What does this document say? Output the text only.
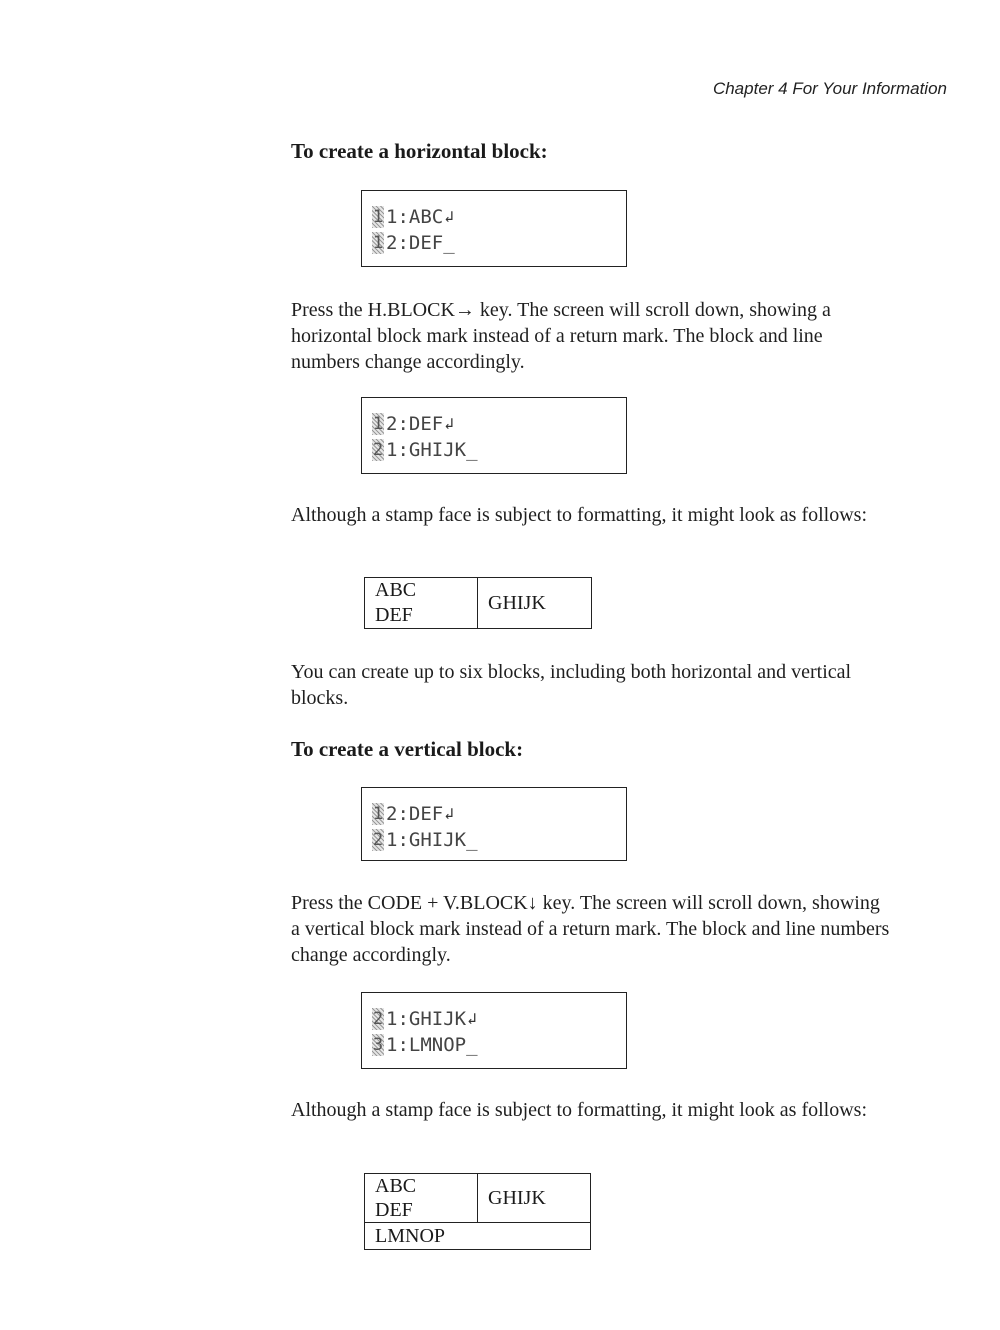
Chapter 4 For Your Information
To create a horizontal block:
1 1:ABC ↲
1 2:DEF_
Press the H.BLOCK→ key. The screen will scroll down, showing a horizontal block mark instead of a return mark. The block and line numbers change accordingly.
1 2:DEF ↲
2 1:GHIJK_
Although a stamp face is subject to formatting, it might look as follows:
ABC
DEF
	GHIJK
You can create up to six blocks, including both horizontal and vertical blocks.
To create a vertical block:
1 2:DEF ↲
2 1:GHIJK_
Press the CODE + V.BLOCK↓ key. The screen will scroll down, showing a vertical block mark instead of a return mark. The block and line numbers change accordingly.
2 1:GHIJK ↲
3 1:LMNOP_
Although a stamp face is subject to formatting, it might look as follows:
ABC
DEF
	GHIJK
LMNOP
